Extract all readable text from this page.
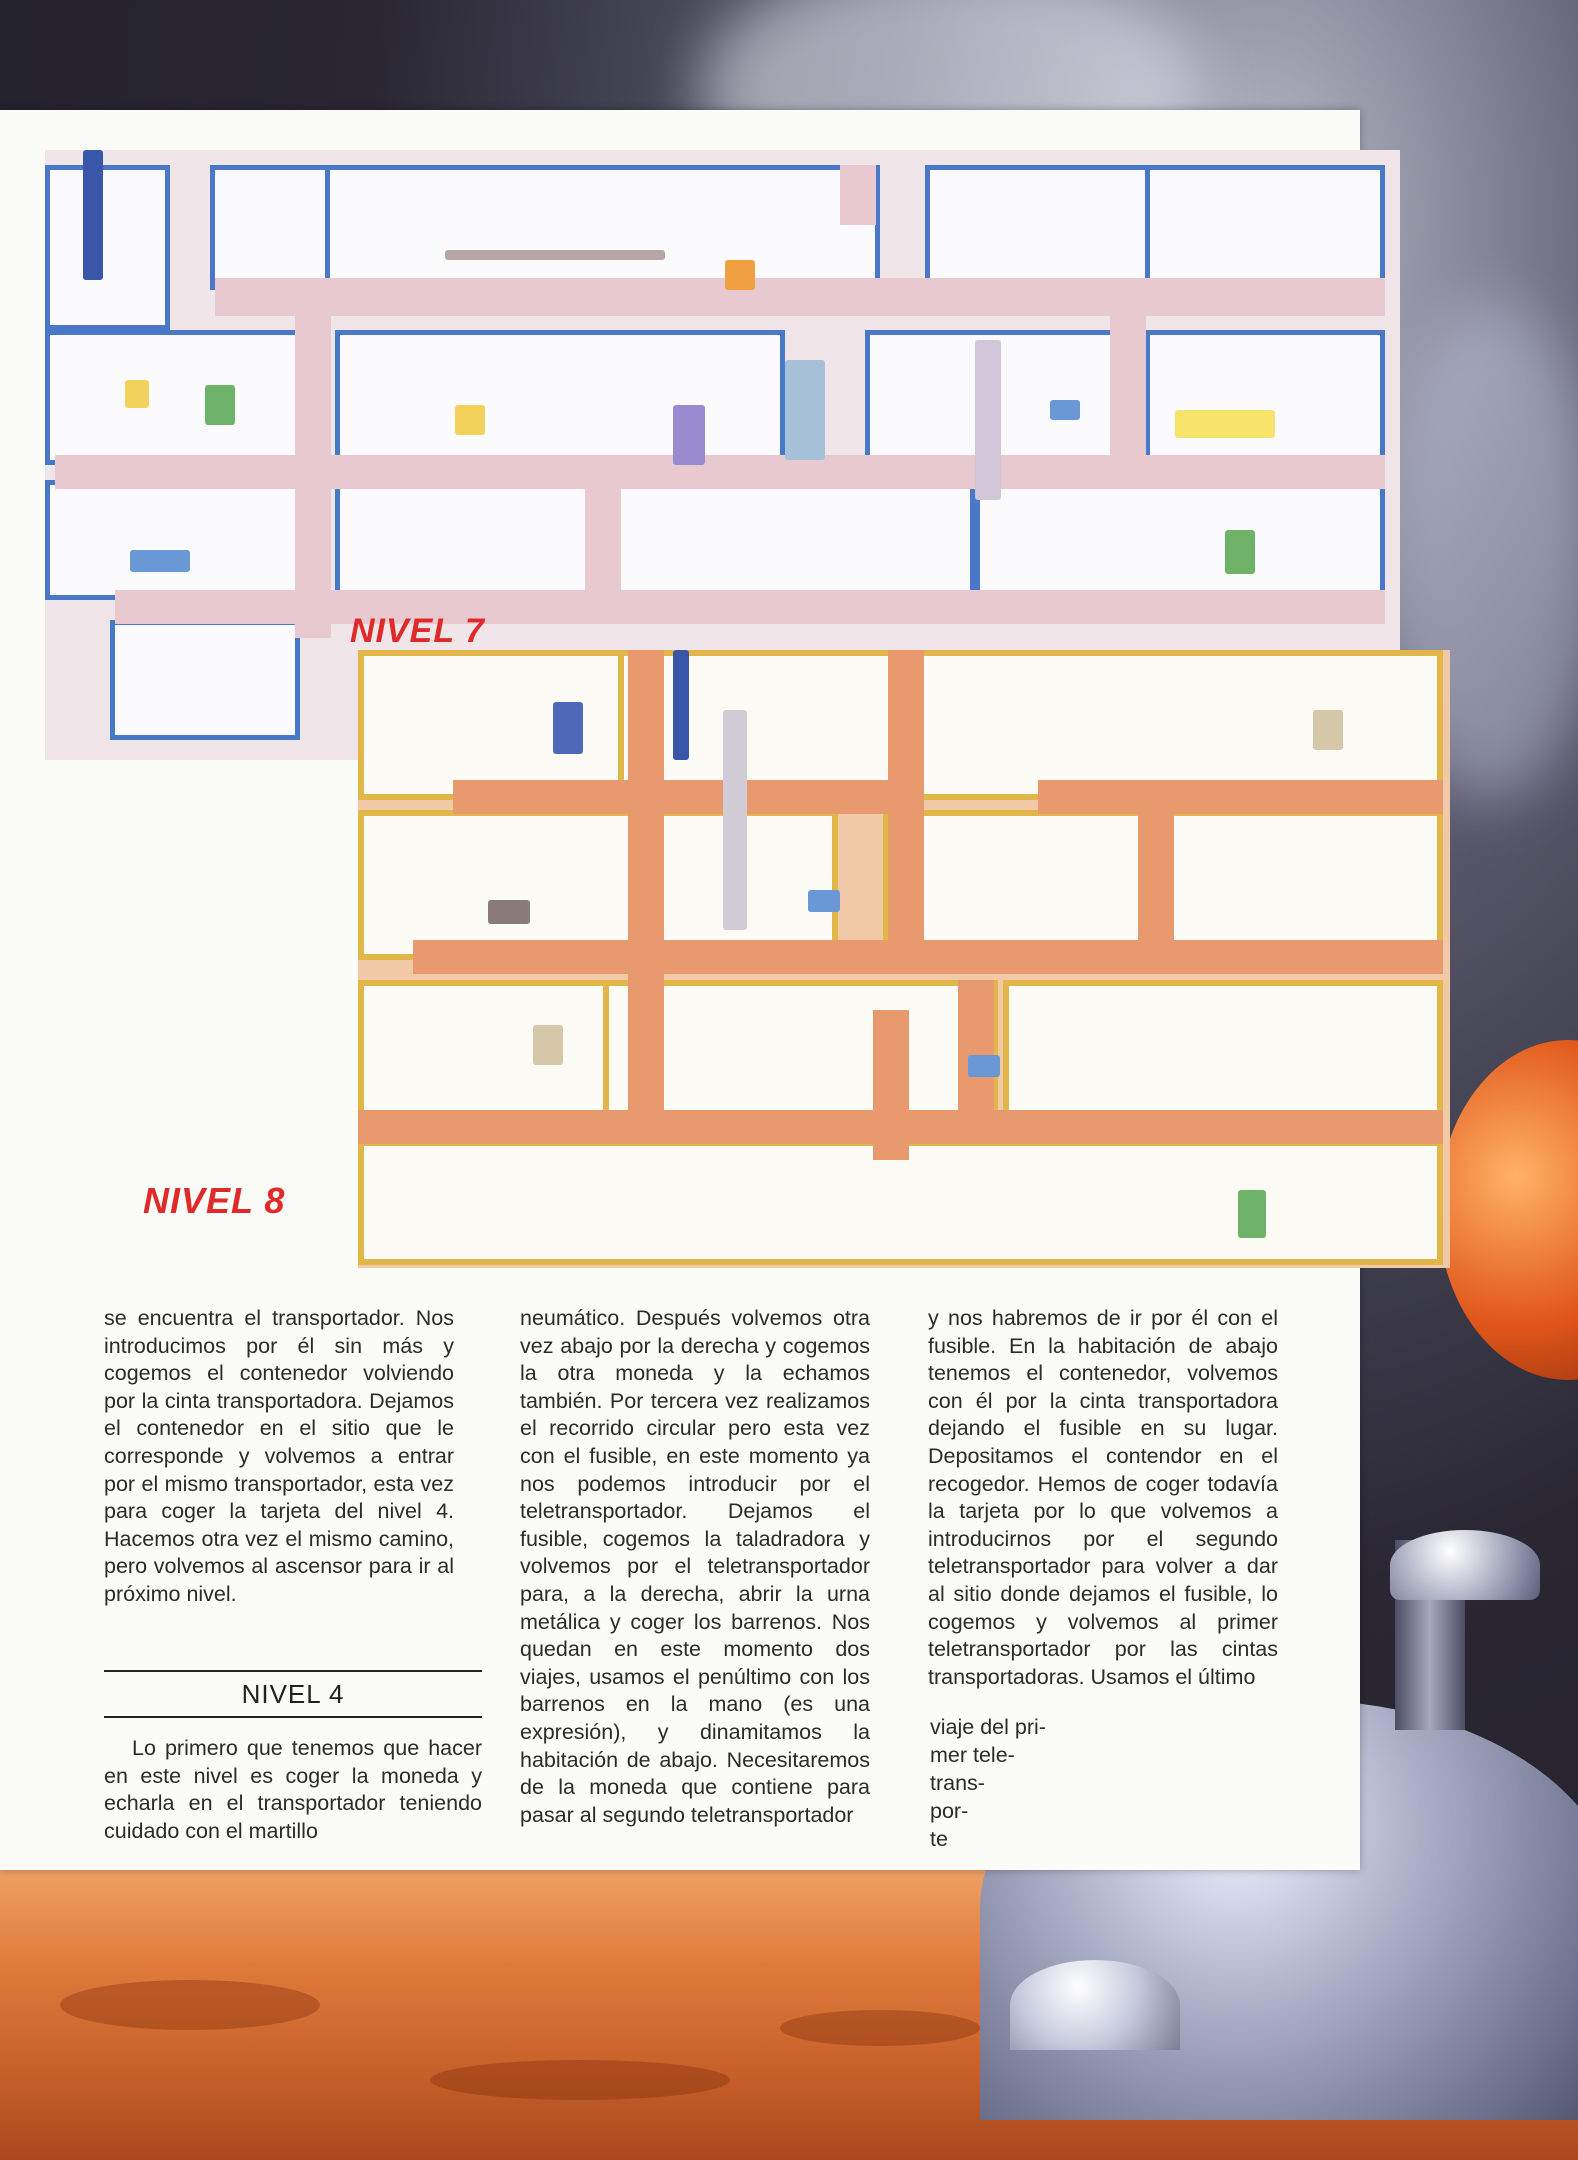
NIVEL 7
NIVEL 8

se encuentra el transportador. Nos introducimos por él sin más y cogemos el contenedor volviendo por la cinta transportadora. Dejamos el contenedor en el sitio que le corresponde y volvemos a entrar por el mismo transportador, esta vez para coger la tarjeta del nivel 4. Hacemos otra vez el mismo camino, pero volvemos al ascensor para ir al próximo nivel.

NIVEL 4

Lo primero que tenemos que hacer en este nivel es coger la moneda y echarla en el transportador teniendo cuidado con el martillo

neumático. Después volvemos otra vez abajo por la derecha y cogemos la otra moneda y la echamos también. Por tercera vez realizamos el recorrido circular pero esta vez con el fusible, en este momento ya nos podemos introducir por el teletransportador. Dejamos el fusible, cogemos la taladradora y volvemos por el teletransportador para, a la derecha, abrir la urna metálica y coger los barrenos. Nos quedan en este momento dos viajes, usamos el penúltimo con los barrenos en la mano (es una expresión), y dinamitamos la habitación de abajo. Necesitaremos de la moneda que contiene para pasar al segundo teletransportador

y nos habremos de ir por él con el fusible. En la habitación de abajo tenemos el contenedor, volvemos con él por la cinta transportadora dejando el fusible en su lugar. Depositamos el contendor en el recogedor. Hemos de coger todavía la tarjeta por lo que volvemos a introducirnos por el segundo teletransportador para volver a dar al sitio donde dejamos el fusible, lo cogemos y volvemos al primer teletransportador por las cintas transportadoras. Usamos el último

viaje del pri-
mer tele-
trans-
por-
te
